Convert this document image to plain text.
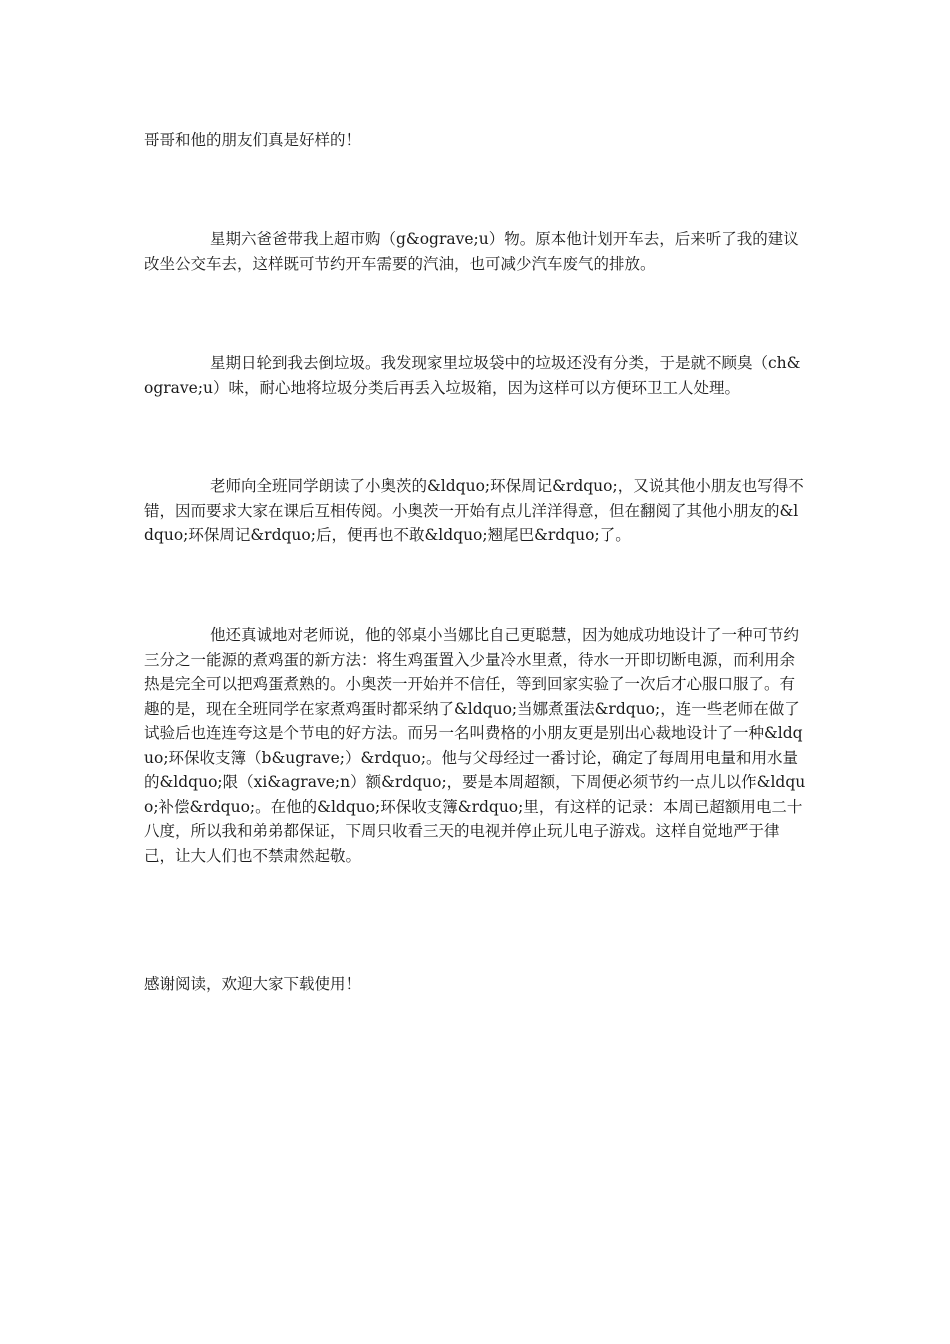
哥哥和他的朋友们真是好样的！

星期六爸爸带我上超市购（g&ograve;u）物。原本他计划开车去，后来听了我的建议改坐公交车去，这样既可节约开车需要的汽油，也可减少汽车废气的排放。

星期日轮到我去倒垃圾。我发现家里垃圾袋中的垃圾还没有分类，于是就不顾臭（ch&ograve;u）味，耐心地将垃圾分类后再丢入垃圾箱，因为这样可以方便环卫工人处理。

老师向全班同学朗读了小奥茨的&ldquo;环保周记&rdquo;，又说其他小朋友也写得不错，因而要求大家在课后互相传阅。小奥茨一开始有点儿洋洋得意，但在翻阅了其他小朋友的&ldquo;环保周记&rdquo;后，便再也不敢&ldquo;翘尾巴&rdquo;了。

他还真诚地对老师说，他的邻桌小当娜比自己更聪慧，因为她成功地设计了一种可节约三分之一能源的煮鸡蛋的新方法：将生鸡蛋置入少量冷水里煮，待水一开即切断电源，而利用余热是完全可以把鸡蛋煮熟的。小奥茨一开始并不信任，等到回家实验了一次后才心服口服了。有趣的是，现在全班同学在家煮鸡蛋时都采纳了&ldquo;当娜煮蛋法&rdquo;，连一些老师在做了试验后也连连夸这是个节电的好方法。而另一名叫费格的小朋友更是别出心裁地设计了一种&ldquo;环保收支簿（b&ugrave;）&rdquo;。他与父母经过一番讨论，确定了每周用电量和用水量的&ldquo;限（xi&agrave;n）额&rdquo;，要是本周超额，下周便必须节约一点儿以作&ldquo;补偿&rdquo;。在他的&ldquo;环保收支簿&rdquo;里，有这样的记录：本周已超额用电二十八度，所以我和弟弟都保证，下周只收看三天的电视并停止玩儿电子游戏。这样自觉地严于律己，让大人们也不禁肃然起敬。

感谢阅读，欢迎大家下载使用！
